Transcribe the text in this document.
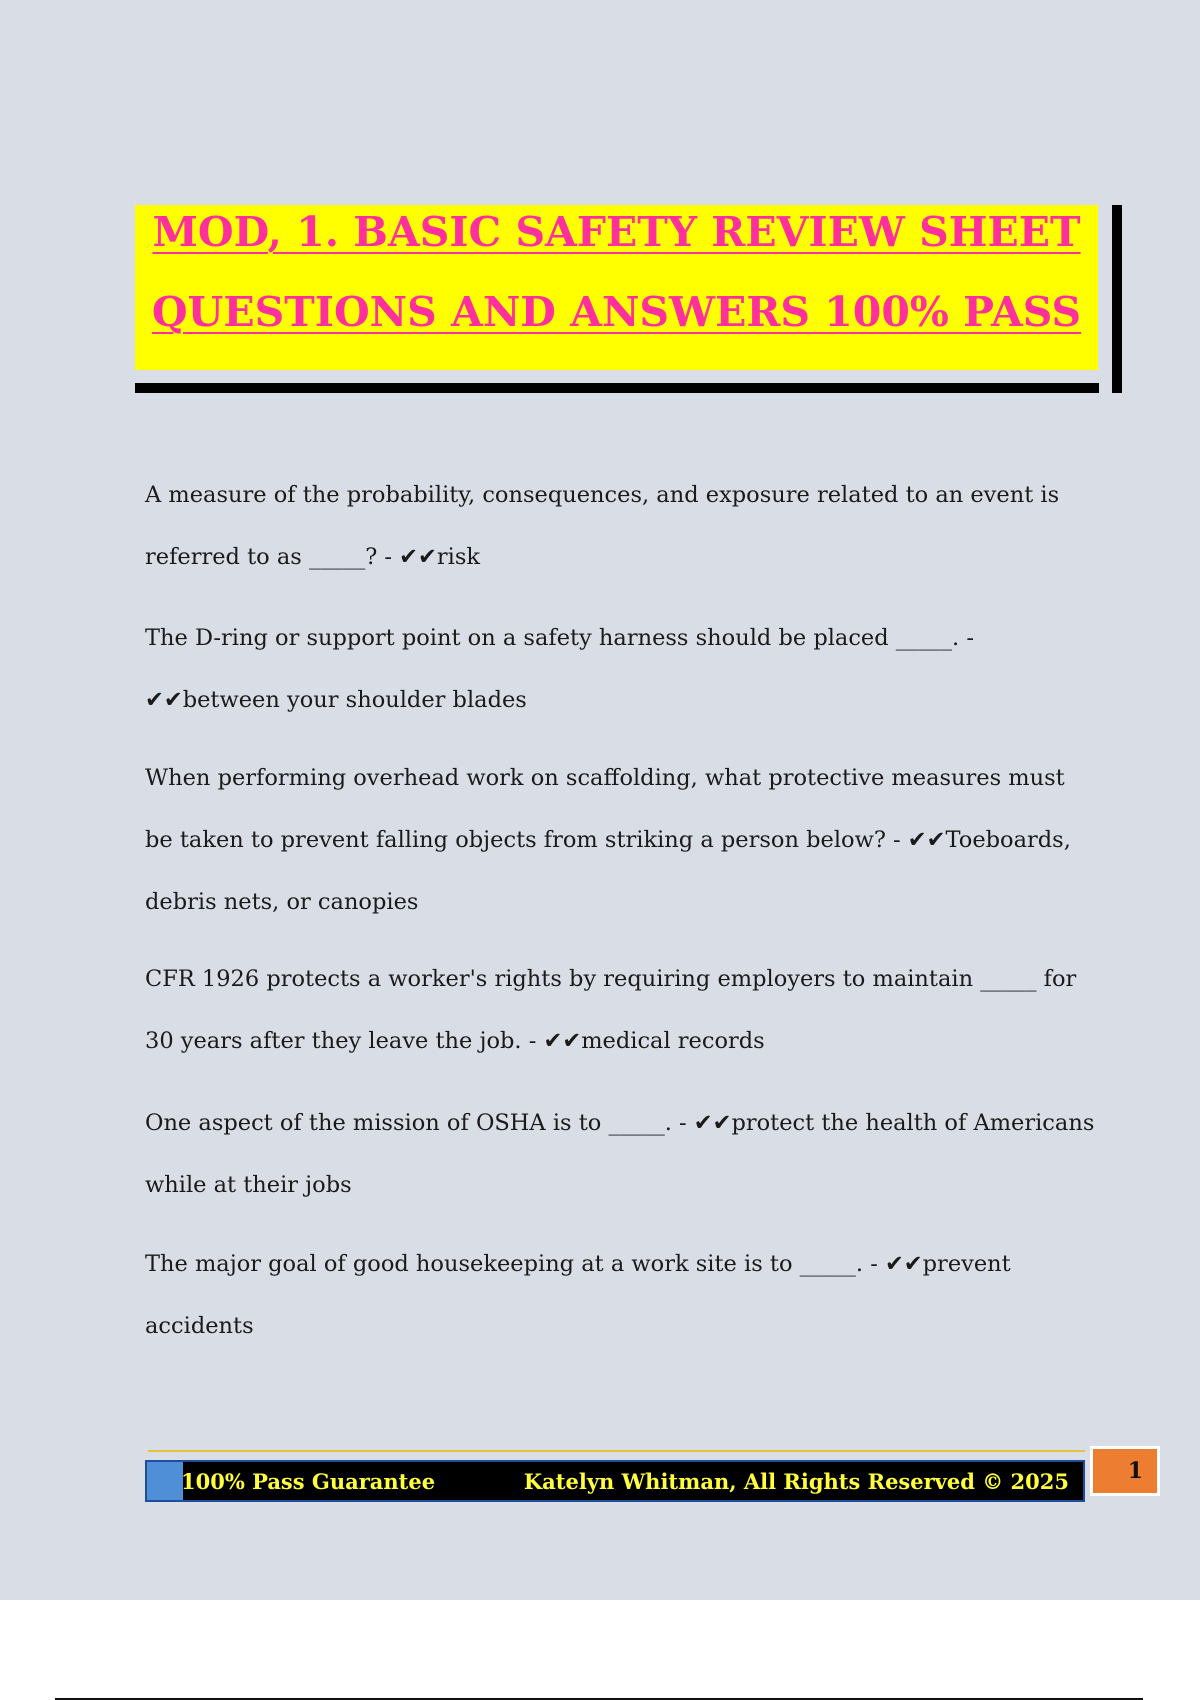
MOD, 1. BASIC SAFETY REVIEW SHEET
QUESTIONS AND ANSWERS 100% PASS
A measure of the probability, consequences, and exposure related to an event is referred to as _____? - ✔✔risk
The D-ring or support point on a safety harness should be placed _____. - ✔✔between your shoulder blades
When performing overhead work on scaffolding, what protective measures must be taken to prevent falling objects from striking a person below? - ✔✔Toeboards, debris nets, or canopies
CFR 1926 protects a worker's rights by requiring employers to maintain _____ for 30 years after they leave the job. - ✔✔medical records
One aspect of the mission of OSHA is to _____. - ✔✔protect the health of Americans while at their jobs
The major goal of good housekeeping at a work site is to _____. - ✔✔prevent accidents
100% Pass Guarantee	Katelyn Whitman, All Rights Reserved © 2025	1
